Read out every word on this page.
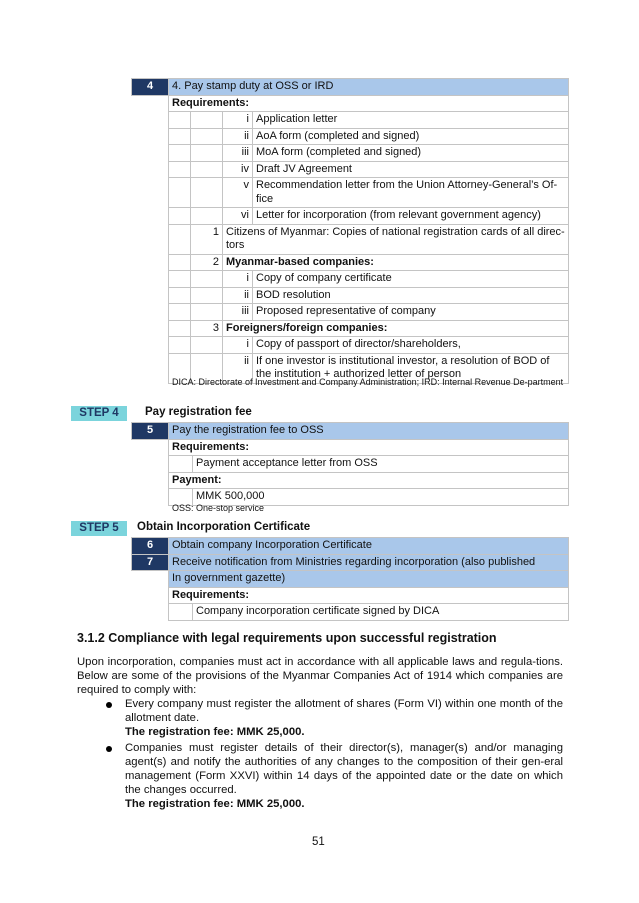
4	4. Pay stamp duty at OSS or IRD			
	Requirements:			
			i	Application letter
			ii	AoA form (completed and signed)
			iii	MoA form (completed and signed)
			iv	Draft JV Agreement
			v	Recommendation letter from the Union Attorney-General’s Of-fice
			vi	Letter for incorporation (from relevant government agency)
		1	Citizens of Myanmar: Copies of national registration cards of all direc-tors	
		2	Myanmar-based companies:	
			i	Copy of company certificate
			ii	BOD resolution
			iii	Proposed representative of company
		3	Foreigners/foreign companies:	
			i	Copy of passport of director/shareholders,
			ii	If one investor is institutional investor, a resolution of BOD of the institution + authorized letter of person
DICA: Directorate of Investment and Company Administration; IRD: Internal Revenue De-partment
STEP 4	Pay registration fee
5	Pay the registration fee to OSS	
	Requirements:	
		Payment acceptance letter from OSS
	Payment:	
		MMK 500,000
OSS: One-stop service
STEP 5	Obtain Incorporation Certificate
6	Obtain company Incorporation Certificate	
7	Receive notification from Ministries regarding incorporation (also published	
	In government gazette)	
	Requirements:	
		Company incorporation certificate signed by DICA
3.1.2 Compliance with legal requirements upon successful registration
Upon incorporation, companies must act in accordance with all applicable laws and regula-tions. Below are some of the provisions of the Myanmar Companies Act of 1914 which companies are required to comply with:
Every company must register the allotment of shares (Form VI) within one month of the allotment date.
The registration fee: MMK 25,000.
Companies must register details of their director(s), manager(s) and/or managing agent(s) and notify the authorities of any changes to the composition of their gen-eral management (Form XXVI) within 14 days of the appointed date or the date on which the changes occurred.
The registration fee: MMK 25,000.
51
